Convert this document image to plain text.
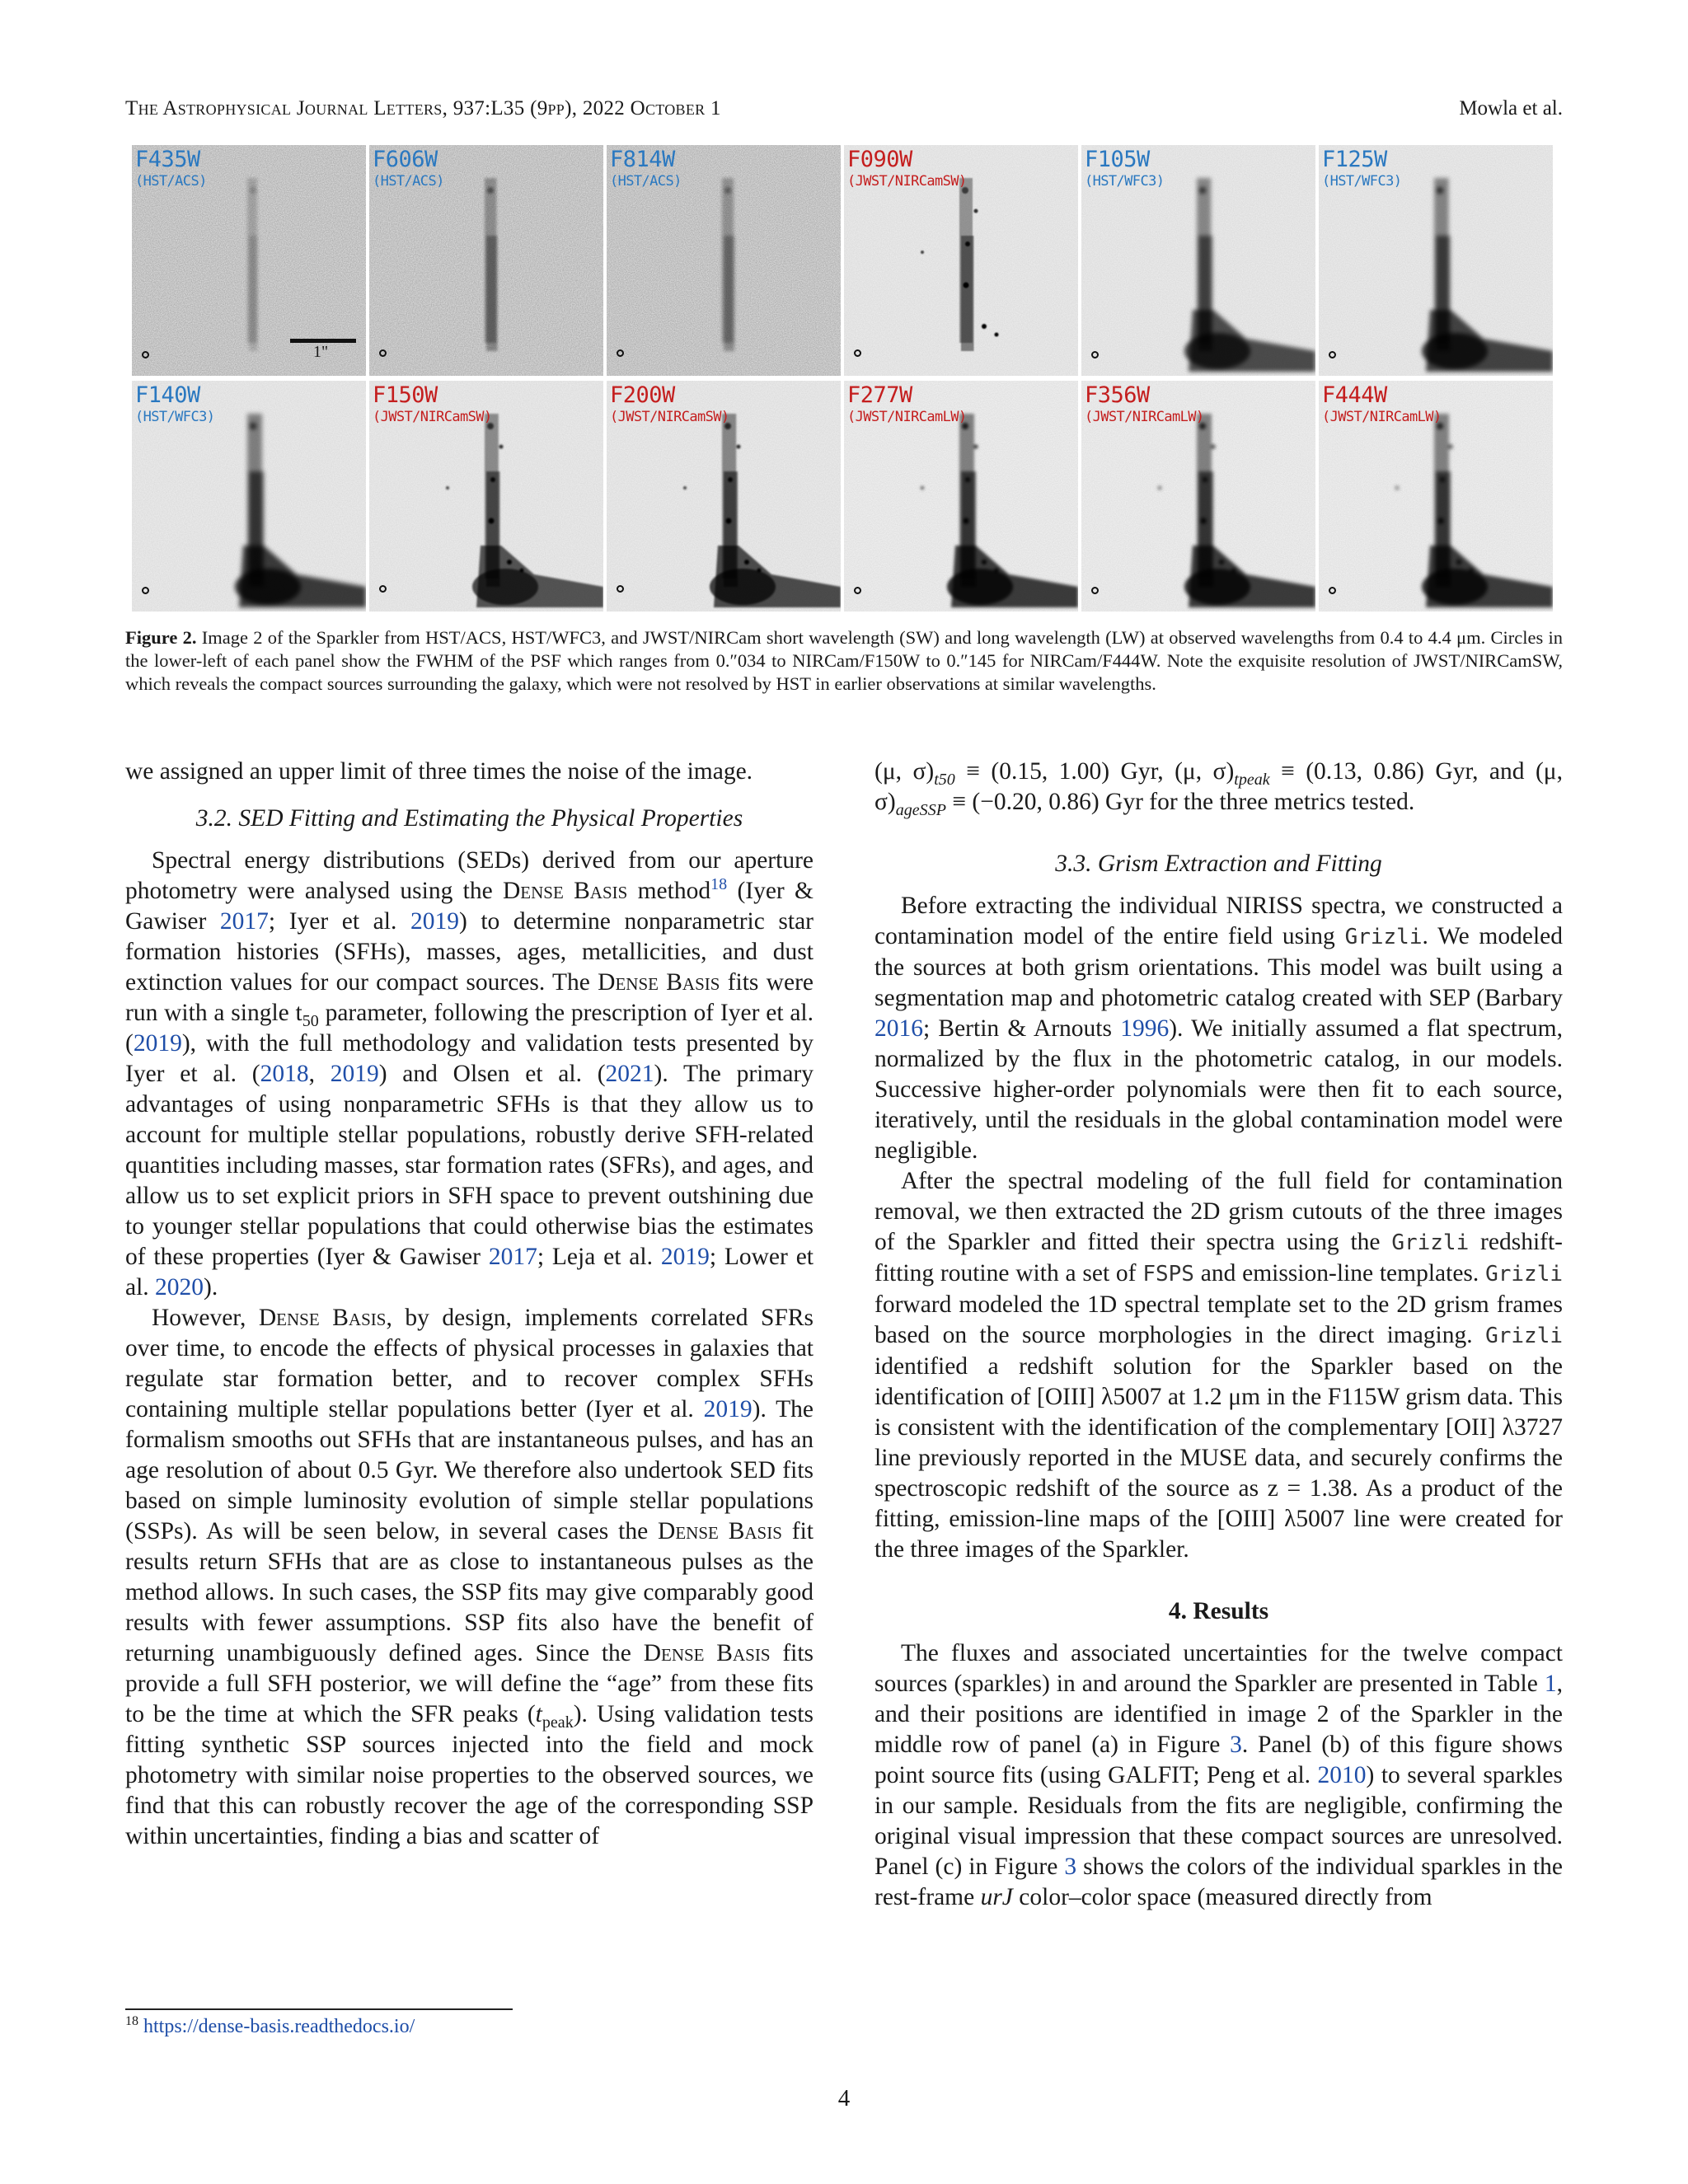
The Astrophysical Journal Letters, 937:L35 (9pp), 2022 October 1	Mowla et al.
F435W
(HST/ACS)
1"
F606W
(HST/ACS)
F814W
(HST/ACS)
F090W
(JWST/NIRCamSW)
F105W
(HST/WFC3)
F125W
(HST/WFC3)
F140W
(HST/WFC3)
F150W
(JWST/NIRCamSW)
F200W
(JWST/NIRCamSW)
F277W
(JWST/NIRCamLW)
F356W
(JWST/NIRCamLW)
F444W
(JWST/NIRCamLW)
Figure 2. Image 2 of the Sparkler from HST/ACS, HST/WFC3, and JWST/NIRCam short wavelength (SW) and long wavelength (LW) at observed wavelengths from 0.4 to 4.4 μm. Circles in the lower-left of each panel show the FWHM of the PSF which ranges from 0.″034 to NIRCam/F150W to 0.″145 for NIRCam/F444W. Note the exquisite resolution of JWST/NIRCamSW, which reveals the compact sources surrounding the galaxy, which were not resolved by HST in earlier observations at similar wavelengths.

we assigned an upper limit of three times the noise of the image.

3.2. SED Fitting and Estimating the Physical Properties

Spectral energy distributions (SEDs) derived from our aperture photometry were analysed using the Dense Basis method$^{18}$ (Iyer & Gawiser 2017; Iyer et al. 2019) to determine nonparametric star formation histories (SFHs), masses, ages, metallicities, and dust extinction values for our compact sources. The Dense Basis fits were run with a single $t_{50}$ parameter, following the prescription of Iyer et al. (2019), with the full methodology and validation tests presented by Iyer et al. (2018, 2019) and Olsen et al. (2021). The primary advantages of using nonparametric SFHs is that they allow us to account for multiple stellar populations, robustly derive SFH-related quantities including masses, star formation rates (SFRs), and ages, and allow us to set explicit priors in SFH space to prevent outshining due to younger stellar populations that could otherwise bias the estimates of these properties (Iyer & Gawiser 2017; Leja et al. 2019; Lower et al. 2020).

However, Dense Basis, by design, implements correlated SFRs over time, to encode the effects of physical processes in galaxies that regulate star formation better, and to recover complex SFHs containing multiple stellar populations better (Iyer et al. 2019). The formalism smooths out SFHs that are instantaneous pulses, and has an age resolution of about 0.5 Gyr. We therefore also undertook SED fits based on simple luminosity evolution of simple stellar populations (SSPs). As will be seen below, in several cases the Dense Basis fit results return SFHs that are as close to instantaneous pulses as the method allows. In such cases, the SSP fits may give comparably good results with fewer assumptions. SSP fits also have the benefit of returning unambiguously defined ages. Since the Dense Basis fits provide a full SFH posterior, we will define the “age” from these fits to be the time at which the SFR peaks $(t_{peak})$. Using validation tests fitting synthetic SSP sources injected into the field and mock photometry with similar noise properties to the observed sources, we find that this can robustly recover the age of the corresponding SSP within uncertainties, finding a bias and scatter of

$^{18}$ https://dense-basis.readthedocs.io/

(μ, $\sigma)_{t50} \equiv (0.15$, 1.00) Gyr, (μ, $\sigma)_{tpeak} \equiv (0.13$, 0.86) Gyr, and (μ, $\sigma)_{ageSSP} \equiv (-0.20$, 0.86) Gyr for the three metrics tested.

3.3. Grism Extraction and Fitting

Before extracting the individual NIRISS spectra, we constructed a contamination model of the entire field using Grizli. We modeled the sources at both grism orientations. This model was built using a segmentation map and photometric catalog created with SEP (Barbary 2016; Bertin & Arnouts 1996). We initially assumed a flat spectrum, normalized by the flux in the photometric catalog, in our models. Successive higher-order polynomials were then fit to each source, iteratively, until the residuals in the global contamination model were negligible.

After the spectral modeling of the full field for contamination removal, we then extracted the 2D grism cutouts of the three images of the Sparkler and fitted their spectra using the Grizli redshift-fitting routine with a set of FSPS and emission-line templates. Grizli forward modeled the 1D spectral template set to the 2D grism frames based on the source morphologies in the direct imaging. Grizli identified a redshift solution for the Sparkler based on the identification of [OIII] λ5007 at 1.2 μm in the F115W grism data. This is consistent with the identification of the complementary [OII] λ3727 line previously reported in the MUSE data, and securely confirms the spectroscopic redshift of the source as z = 1.38. As a product of the fitting, emission-line maps of the [OIII] λ5007 line were created for the three images of the Sparkler.

4. Results

The fluxes and associated uncertainties for the twelve compact sources (sparkles) in and around the Sparkler are presented in Table 1, and their positions are identified in image 2 of the Sparkler in the middle row of panel (a) in Figure 3. Panel (b) of this figure shows point source fits (using GALFIT; Peng et al. 2010) to several sparkles in our sample. Residuals from the fits are negligible, confirming the original visual impression that these compact sources are unresolved. Panel (c) in Figure 3 shows the colors of the individual sparkles in the rest-frame urJ color–color space (measured directly from

4
